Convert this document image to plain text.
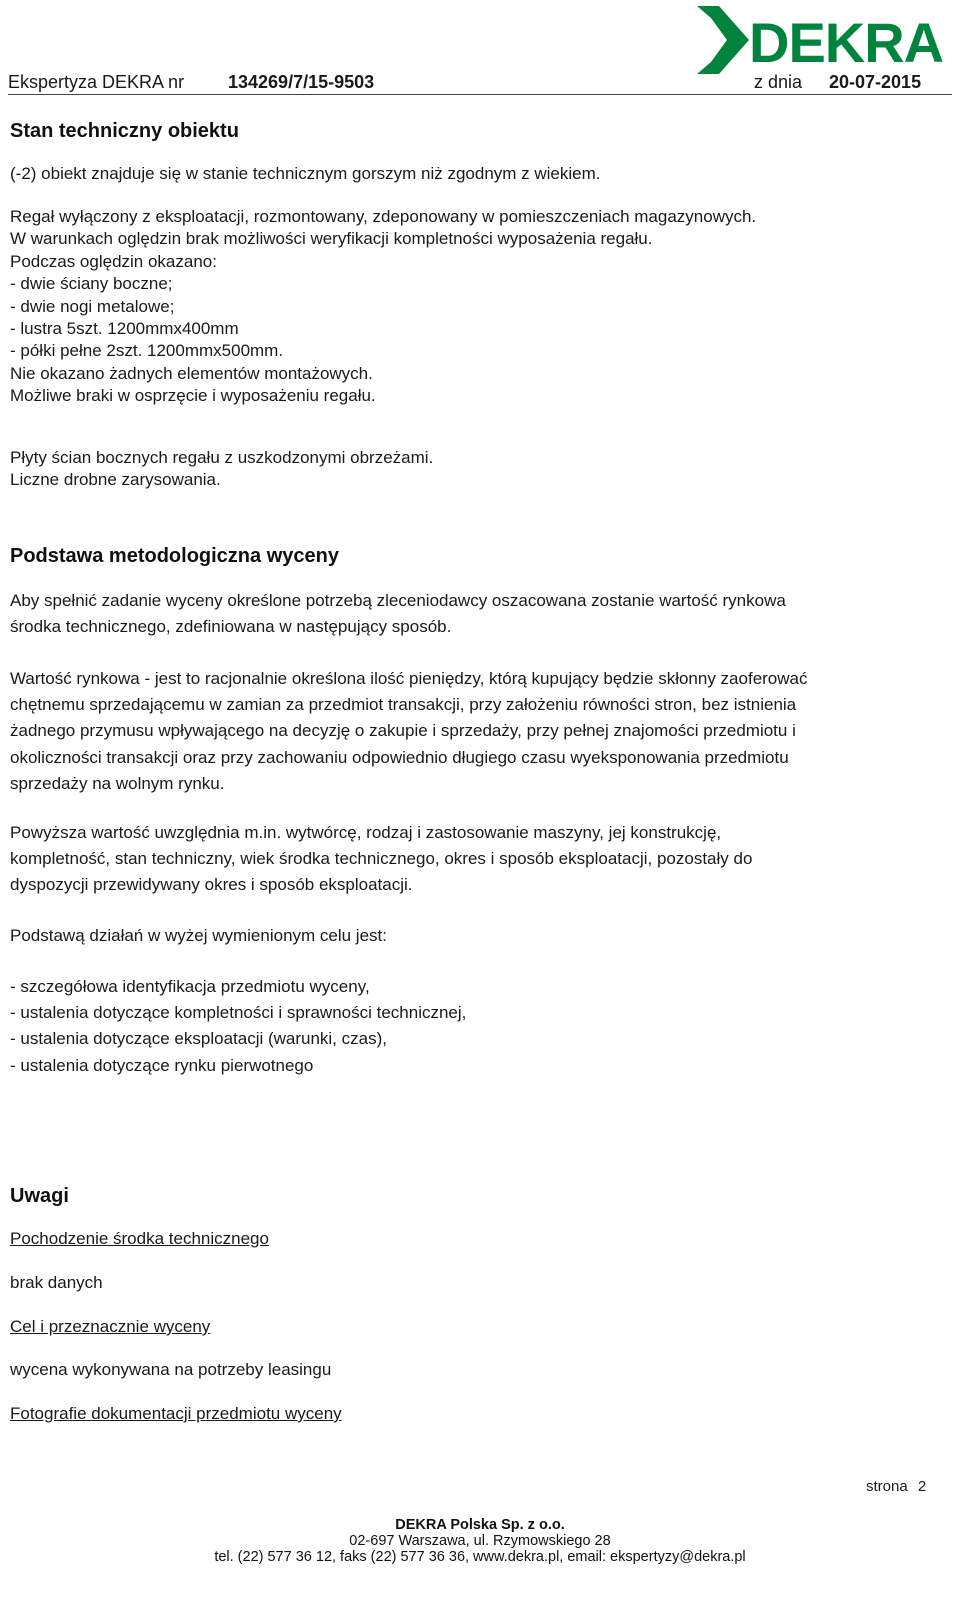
Ekspertyza DEKRA nr 134269/7/15-9503	z dnia 20-07-2015
DEKRA
Stan techniczny obiektu
(-2) obiekt znajduje się w stanie technicznym gorszym niż zgodnym z wiekiem.
Regał wyłączony z eksploatacji, rozmontowany, zdeponowany w pomieszczeniach magazynowych.
W warunkach oględzin brak możliwości weryfikacji kompletności wyposażenia regału.
Podczas oględzin okazano:
- dwie ściany boczne;
- dwie nogi metalowe;
- lustra 5szt. 1200mmx400mm
- półki pełne 2szt. 1200mmx500mm.
Nie okazano żadnych elementów montażowych.
Możliwe braki w osprzęcie i wyposażeniu regału.
Płyty ścian bocznych regału z uszkodzonymi obrzeżami.
Liczne drobne zarysowania.
Podstawa metodologiczna wyceny
Aby spełnić zadanie wyceny określone potrzebą zleceniodawcy oszacowana zostanie wartość rynkowa
środka technicznego, zdefiniowana w następujący sposób.
Wartość rynkowa - jest to racjonalnie określona ilość pieniędzy, którą kupujący będzie skłonny zaoferować
chętnemu sprzedającemu w zamian za przedmiot transakcji, przy założeniu równości stron, bez istnienia
żadnego przymusu wpływającego na decyzję o zakupie i sprzedaży, przy pełnej znajomości przedmiotu i
okoliczności transakcji oraz przy zachowaniu odpowiednio długiego czasu wyeksponowania przedmiotu
sprzedaży na wolnym rynku.
Powyższa wartość uwzględnia m.in. wytwórcę, rodzaj i zastosowanie maszyny, jej konstrukcję,
kompletność, stan techniczny, wiek środka technicznego, okres i sposób eksploatacji, pozostały do
dyspozycji przewidywany okres i sposób eksploatacji.
Podstawą działań w wyżej wymienionym celu jest:
- szczegółowa identyfikacja przedmiotu wyceny,
- ustalenia dotyczące kompletności i sprawności technicznej,
- ustalenia dotyczące eksploatacji (warunki, czas),
- ustalenia dotyczące rynku pierwotnego
Uwagi
Pochodzenie środka technicznego
brak danych
Cel i przeznacznie wyceny
wycena wykonywana na potrzeby leasingu
Fotografie dokumentacji przedmiotu wyceny
strona 2
DEKRA Polska Sp. z o.o.
02-697 Warszawa, ul. Rzymowskiego 28
tel. (22) 577 36 12, faks (22) 577 36 36, www.dekra.pl, email: ekspertyzy@dekra.pl
